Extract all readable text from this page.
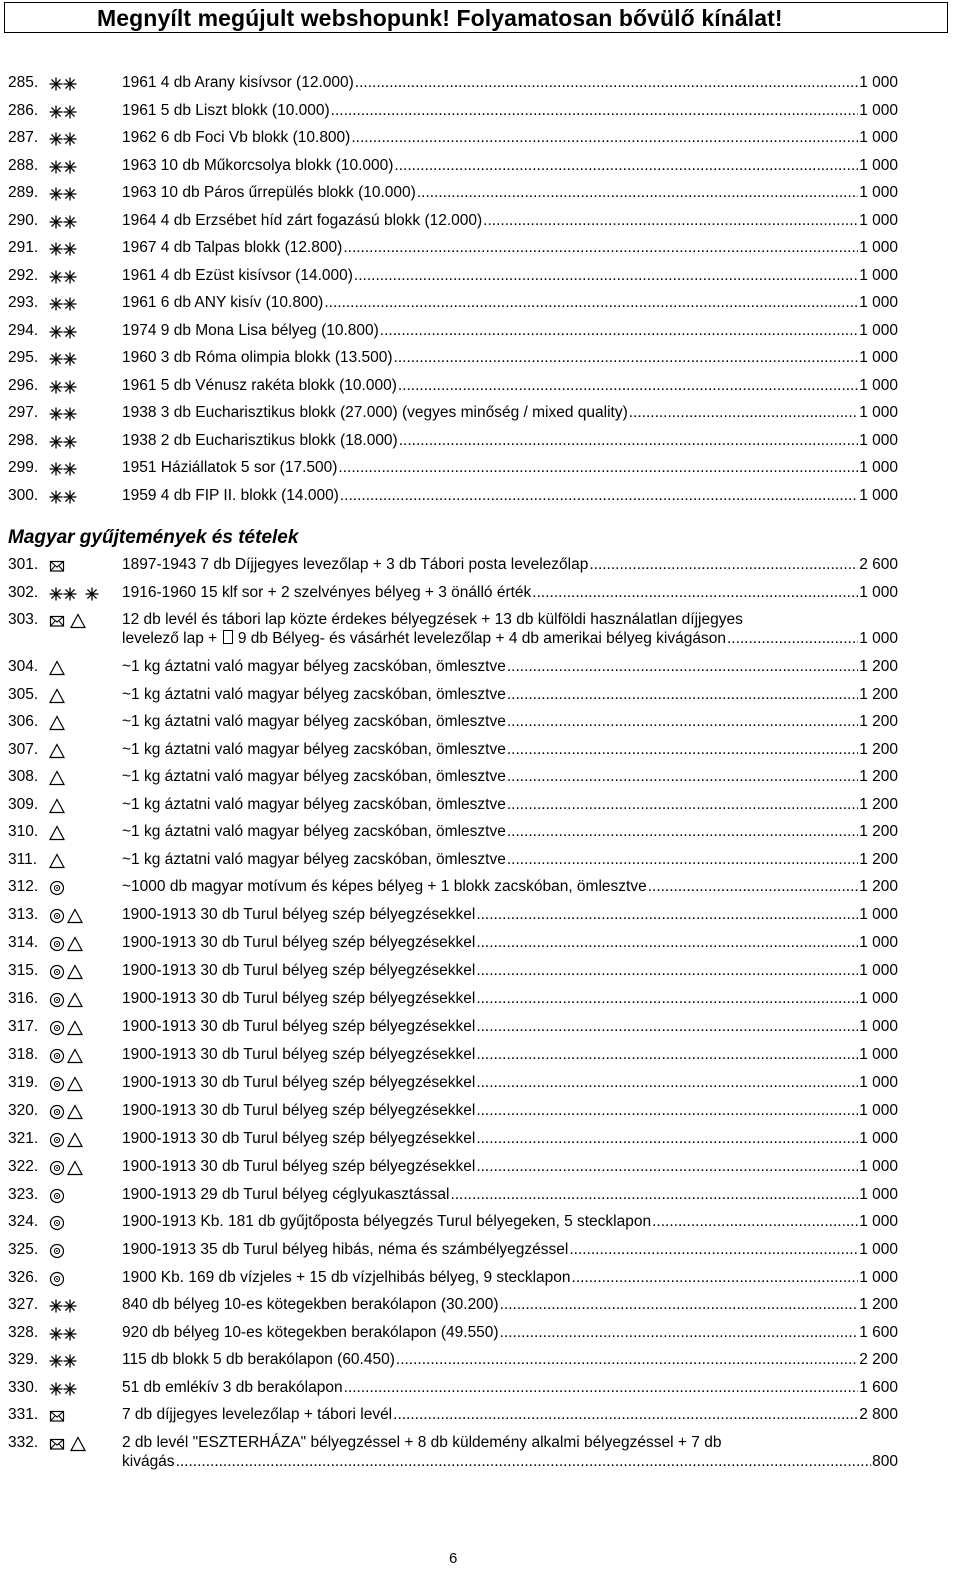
Megnyílt megújult webshopunk! Folyamatosan bővülő kínálat!
285.	1961 4 db Arany kisívsor (12.000) .....	1 000
286.	1961 5 db Liszt blokk (10.000) .....	1 000
287.	1962 6 db Foci Vb blokk (10.800) .....	1 000
288.	1963 10 db Műkorcsolya blokk (10.000) .....	1 000
289.	1963 10 db Páros űrrepülés blokk (10.000) .....	1 000
290.	1964 4 db Erzsébet híd zárt fogazású blokk (12.000) .....	1 000
291.	1967 4 db Talpas blokk (12.800) .....	1 000
292.	1961 4 db Ezüst kisívsor (14.000) .....	1 000
293.	1961 6 db ANY kisív (10.800) .....	1 000
294.	1974 9 db Mona Lisa bélyeg (10.800) .....	1 000
295.	1960 3 db Róma olimpia blokk (13.500) .....	1 000
296.	1961 5 db Vénusz rakéta blokk (10.000) .....	1 000
297.	1938 3 db Eucharisztikus blokk (27.000) (vegyes minőség / mixed quality) .....	1 000
298.	1938 2 db Eucharisztikus blokk (18.000) .....	1 000
299.	1951 Háziállatok 5 sor (17.500) .....	1 000
300.	1959 4 db FIP II. blokk (14.000) .....	1 000
Magyar gyűjtemények és tételek
301.	1897-1943 7 db Díjjegyes levezőlap + 3 db Tábori posta levelezőlap .....	2 600
302.	1916-1960 15 klf sor + 2 szelvényes bélyeg + 3 önálló érték .....	1 000
303.	12 db levél és tábori lap közte érdekes bélyegzések + 13 db külföldi használatlan díjjegyes
levelező lap +  9 db Bélyeg- és vásárhét levelezőlap + 4 db amerikai bélyeg kivágáson .....	1 000
304.	~1 kg áztatni való magyar bélyeg zacskóban, ömlesztve .....	1 200
305.	~1 kg áztatni való magyar bélyeg zacskóban, ömlesztve .....	1 200
306.	~1 kg áztatni való magyar bélyeg zacskóban, ömlesztve .....	1 200
307.	~1 kg áztatni való magyar bélyeg zacskóban, ömlesztve .....	1 200
308.	~1 kg áztatni való magyar bélyeg zacskóban, ömlesztve .....	1 200
309.	~1 kg áztatni való magyar bélyeg zacskóban, ömlesztve .....	1 200
310.	~1 kg áztatni való magyar bélyeg zacskóban, ömlesztve .....	1 200
311.	~1 kg áztatni való magyar bélyeg zacskóban, ömlesztve .....	1 200
312.	~1000 db magyar motívum és képes bélyeg + 1 blokk zacskóban, ömlesztve .....	1 200
313.	1900-1913 30 db Turul bélyeg szép bélyegzésekkel .....	1 000
314.	1900-1913 30 db Turul bélyeg szép bélyegzésekkel .....	1 000
315.	1900-1913 30 db Turul bélyeg szép bélyegzésekkel .....	1 000
316.	1900-1913 30 db Turul bélyeg szép bélyegzésekkel .....	1 000
317.	1900-1913 30 db Turul bélyeg szép bélyegzésekkel .....	1 000
318.	1900-1913 30 db Turul bélyeg szép bélyegzésekkel .....	1 000
319.	1900-1913 30 db Turul bélyeg szép bélyegzésekkel .....	1 000
320.	1900-1913 30 db Turul bélyeg szép bélyegzésekkel .....	1 000
321.	1900-1913 30 db Turul bélyeg szép bélyegzésekkel .....	1 000
322.	1900-1913 30 db Turul bélyeg szép bélyegzésekkel .....	1 000
323.	1900-1913 29 db Turul bélyeg céglyukasztással .....	1 000
324.	1900-1913 Kb. 181 db gyűjtőposta bélyegzés Turul bélyegeken, 5 stecklapon .....	1 000
325.	1900-1913 35 db Turul bélyeg hibás, néma és számbélyegzéssel .....	1 000
326.	1900 Kb. 169 db vízjeles + 15 db vízjelhibás bélyeg, 9 stecklapon .....	1 000
327.	840 db bélyeg 10-es kötegekben berakólapon (30.200) .....	1 200
328.	920 db bélyeg 10-es kötegekben berakólapon (49.550) .....	1 600
329.	115 db blokk 5 db berakólapon (60.450) .....	2 200
330.	51 db emlékív 3 db berakólapon .....	1 600
331.	7 db díjjegyes levelezőlap + tábori levél .....	2 800
332.	2 db levél "ESZTERHÁZA" bélyegzéssel + 8 db küldemény alkalmi bélyegzéssel + 7 db
kivágás .....	800
6
